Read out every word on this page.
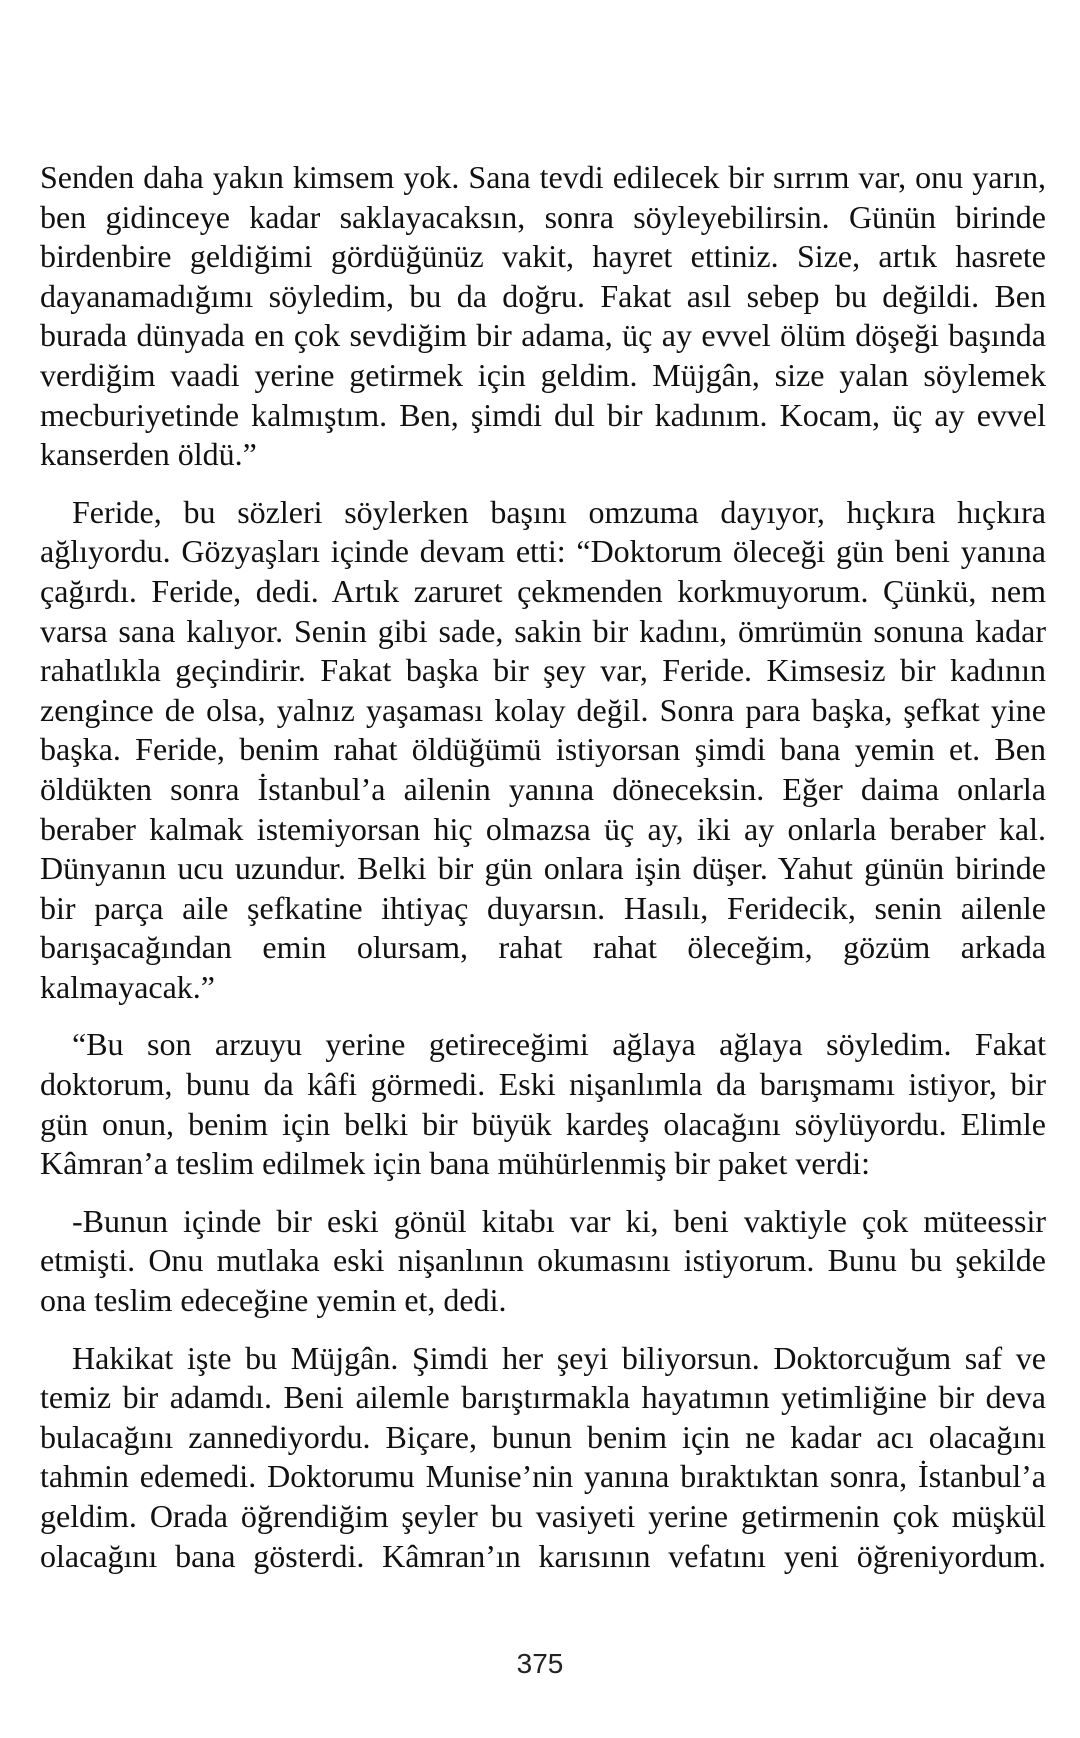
Senden daha yakın kimsem yok. Sana tevdi edilecek bir sırrım var, onu yarın, ben gidinceye kadar saklayacaksın, sonra söyleyebilirsin. Günün birinde birdenbire geldiğimi gördüğünüz vakit, hayret ettiniz. Size, artık hasrete dayanamadığımı söyledim, bu da doğru. Fakat asıl sebep bu değildi. Ben burada dünyada en çok sevdiğim bir adama, üç ay evvel ölüm döşeği başında verdiğim vaadi yerine getirmek için geldim. Müjgân, size yalan söylemek mecburiyetinde kalmıştım. Ben, şimdi dul bir kadınım. Kocam, üç ay evvel kanserden öldü.”

Feride, bu sözleri söylerken başını omzuma dayıyor, hıçkıra hıçkıra ağlıyordu. Gözyaşları içinde devam etti: “Doktorum öleceği gün beni yanına çağırdı. Feride, dedi. Artık zaruret çekmenden korkmuyorum. Çünkü, nem varsa sana kalıyor. Senin gibi sade, sakin bir kadını, ömrümün sonuna kadar rahatlıkla geçindirir. Fakat başka bir şey var, Feride. Kimsesiz bir kadının zengince de olsa, yalnız yaşaması kolay değil. Sonra para başka, şefkat yine başka. Feride, benim rahat öldüğümü istiyorsan şimdi bana yemin et. Ben öldükten sonra İstanbul’a ailenin yanına döneceksin. Eğer daima onlarla beraber kalmak istemiyorsan hiç olmazsa üç ay, iki ay onlarla beraber kal. Dünyanın ucu uzundur. Belki bir gün onlara işin düşer. Yahut günün birinde bir parça aile şefkatine ihtiyaç duyarsın. Hasılı, Feridecik, senin ailenle barışacağından emin olursam, rahat rahat öleceğim, gözüm arkada kalmayacak.”

“Bu son arzuyu yerine getireceğimi ağlaya ağlaya söyledim. Fakat doktorum, bunu da kâfi görmedi. Eski nişanlımla da barışmamı istiyor, bir gün onun, benim için belki bir büyük kardeş olacağını söylüyordu. Elimle Kâmran’a teslim edilmek için bana mühürlenmiş bir paket verdi:

-Bunun içinde bir eski gönül kitabı var ki, beni vaktiyle çok müteessir etmişti. Onu mutlaka eski nişanlının okumasını istiyorum. Bunu bu şekilde ona teslim edeceğine yemin et, dedi.

Hakikat işte bu Müjgân. Şimdi her şeyi biliyorsun. Doktorcuğum saf ve temiz bir adamdı. Beni ailemle barıştırmakla hayatımın yetimliğine bir deva bulacağını zannediyordu. Biçare, bunun benim için ne kadar acı olacağını tahmin edemedi. Doktorumu Munise’nin yanına bıraktıktan sonra, İstanbul’a geldim. Orada öğrendiğim şeyler bu vasiyeti yerine getirmenin çok müşkül olacağını bana gösterdi. Kâmran’ın karısının vefatını yeni öğreniyordum.

375
